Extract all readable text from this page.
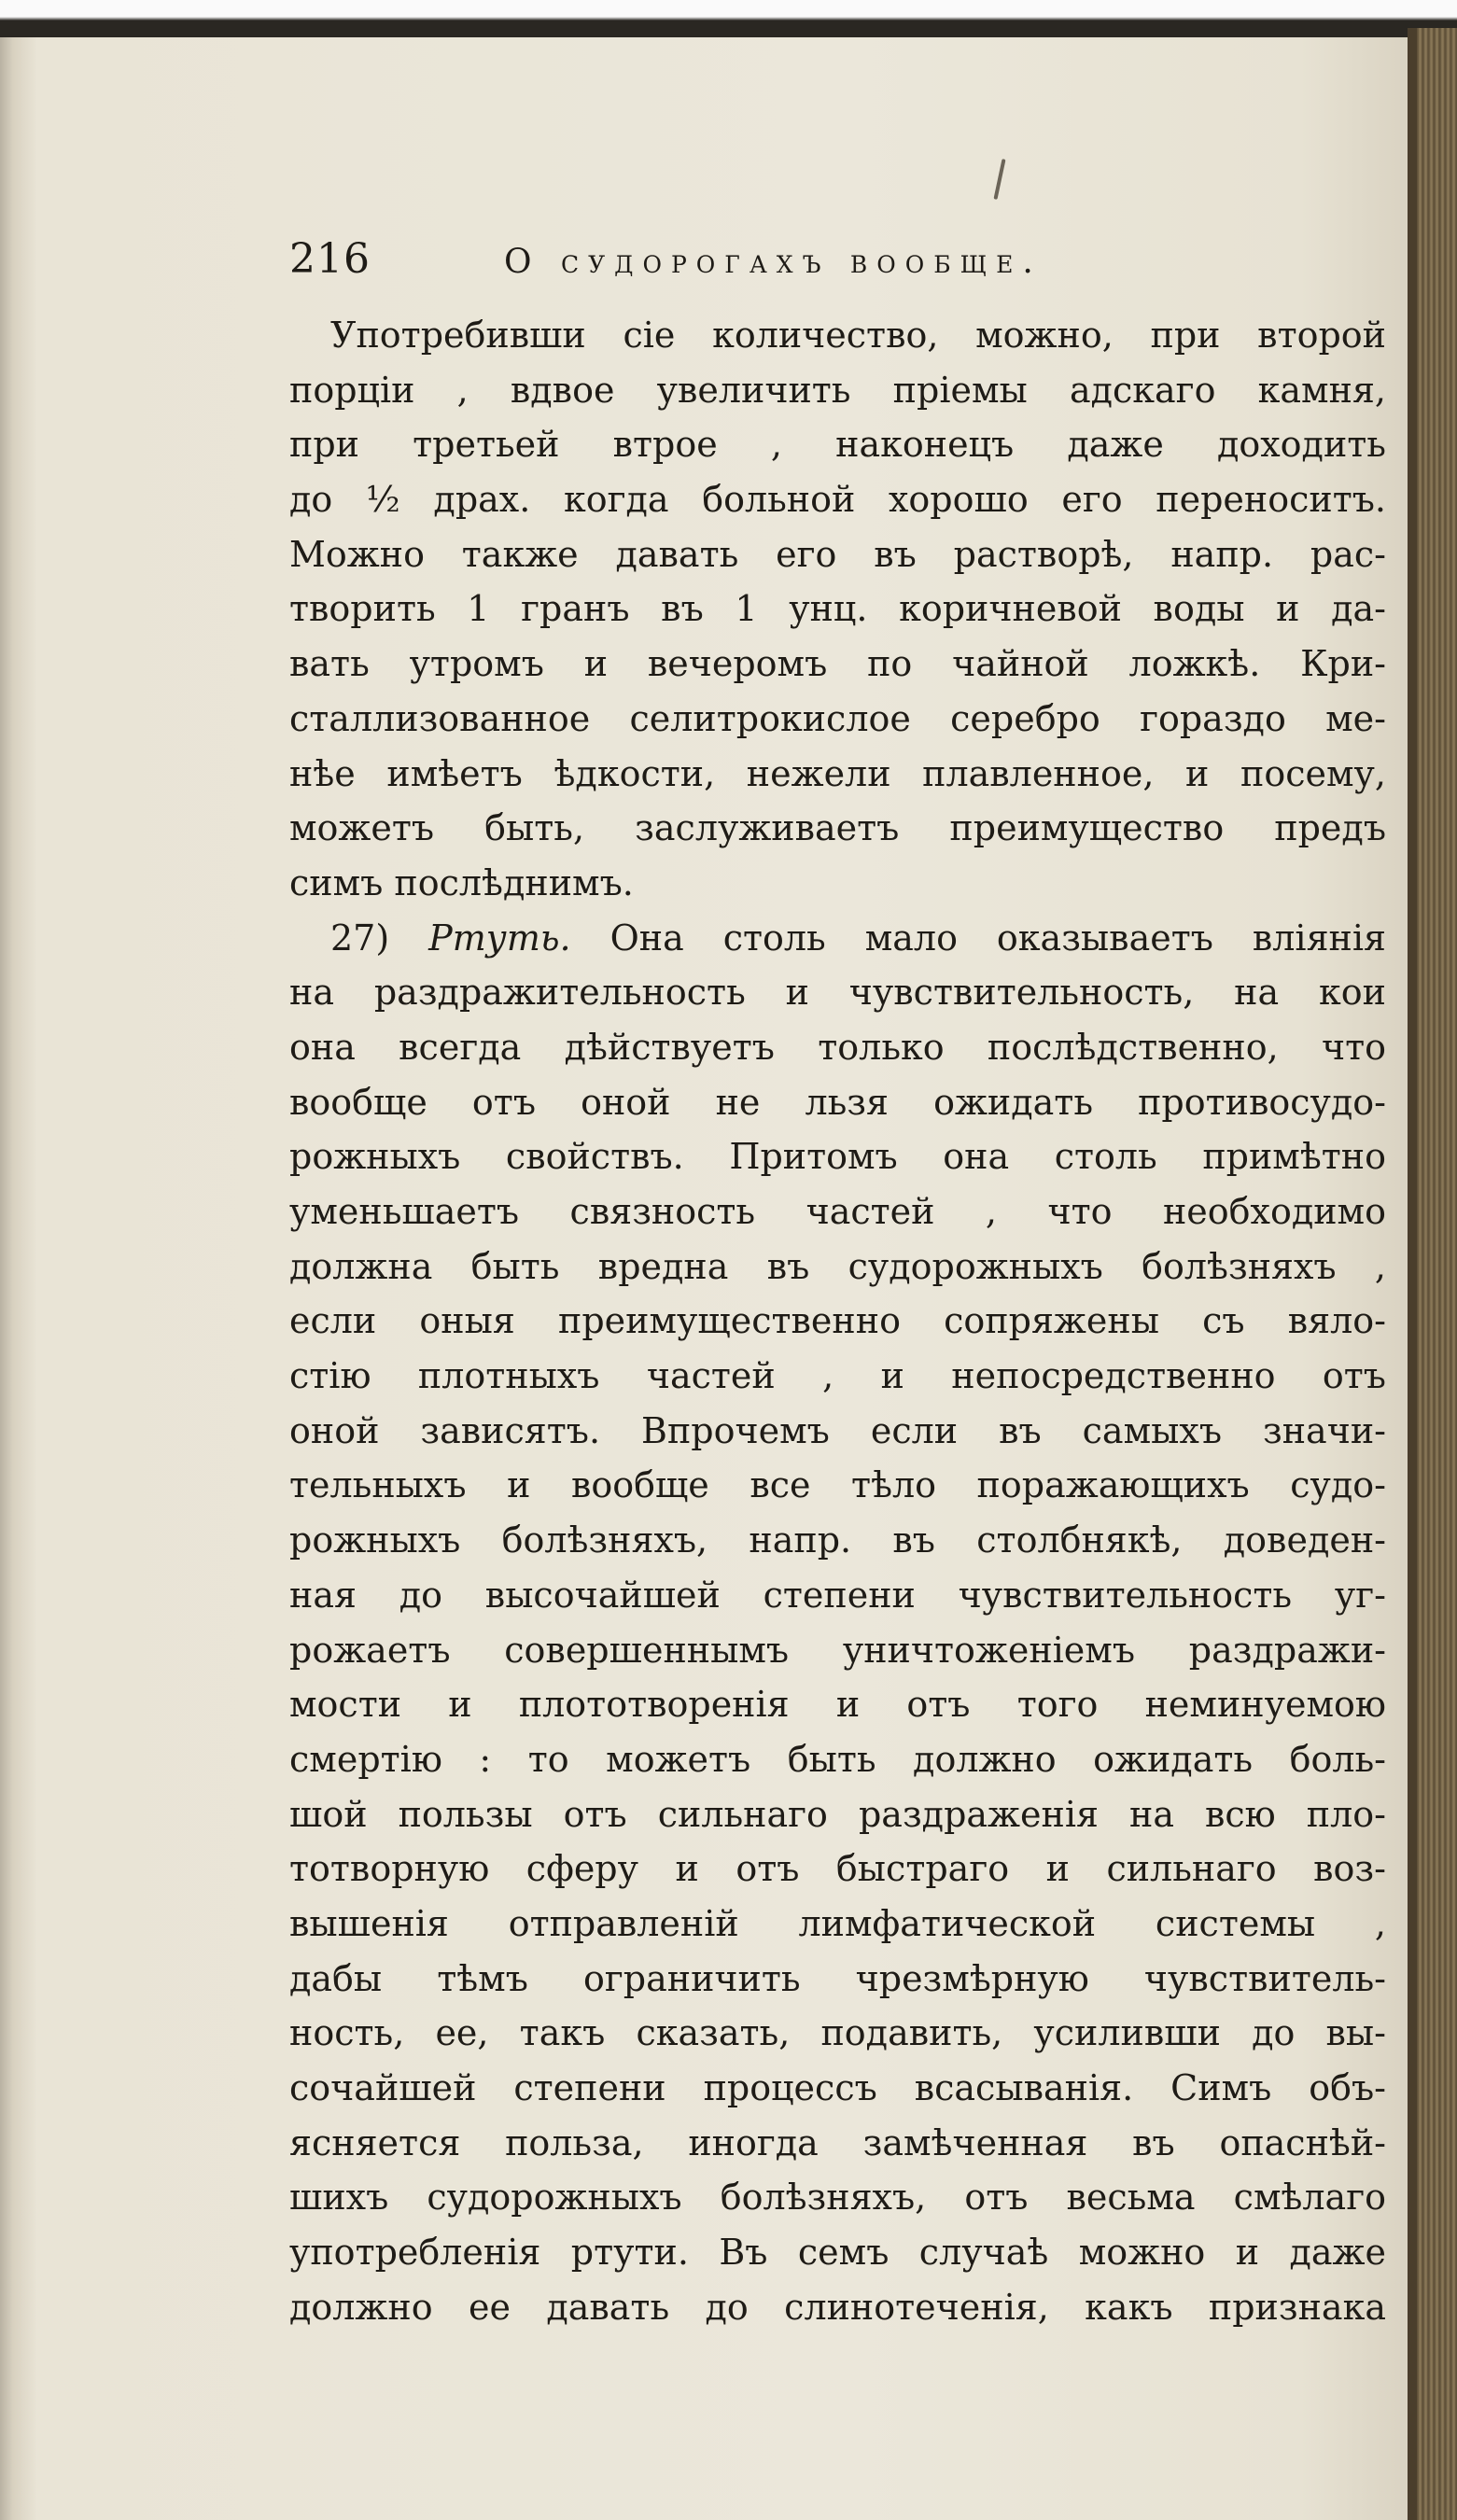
216	О судорогахъ вообще.
Употребивши сіе количество, можно, при второй
порціи , вдвое увеличить пріемы адскаго камня,
при третьей втрое , наконецъ даже доходить
до ½ драх. когда больной хорошо его переноситъ.
Можно также давать его въ растворѣ, напр. рас-
творить 1 гранъ въ 1 унц. коричневой воды и да-
вать утромъ и вечеромъ по чайной ложкѣ. Кри-
сталлизованное селитрокислое серебро гораздо ме-
нѣе имѣетъ ѣдкости, нежели плавленное, и посему,
можетъ быть, заслуживаетъ преимущество предъ
симъ послѣднимъ.
27) Ртуть. Она столь мало оказываетъ вліянія
на раздражительность и чувствительность, на кои
она всегда дѣйствуетъ только послѣдственно, что
вообще отъ оной не льзя ожидать противосудо-
рожныхъ свойствъ. Притомъ она столь примѣтно
уменьшаетъ связность частей , что необходимо
должна быть вредна въ судорожныхъ болѣзняхъ ,
если оныя преимущественно сопряжены съ вяло-
стію плотныхъ частей , и непосредственно отъ
оной зависятъ. Впрочемъ если въ самыхъ значи-
тельныхъ и вообще все тѣло поражающихъ судо-
рожныхъ болѣзняхъ, напр. въ столбнякѣ, доведен-
ная до высочайшей степени чувствительность уг-
рожаетъ совершеннымъ уничтоженіемъ раздражи-
мости и плототворенія и отъ того неминуемою
смертію : то можетъ быть должно ожидать боль-
шой пользы отъ сильнаго раздраженія на всю пло-
тотворную сферу и отъ быстраго и сильнаго воз-
вышенія отправленій лимфатической системы ,
дабы тѣмъ ограничить чрезмѣрную чувствитель-
ность, ее, такъ сказать, подавить, усиливши до вы-
сочайшей степени процессъ всасыванія. Симъ объ-
ясняется польза, иногда замѣченная въ опаснѣй-
шихъ судорожныхъ болѣзняхъ, отъ весьма смѣлаго
употребленія ртути. Въ семъ случаѣ можно и даже
должно ее давать до слинотеченія, какъ признака
